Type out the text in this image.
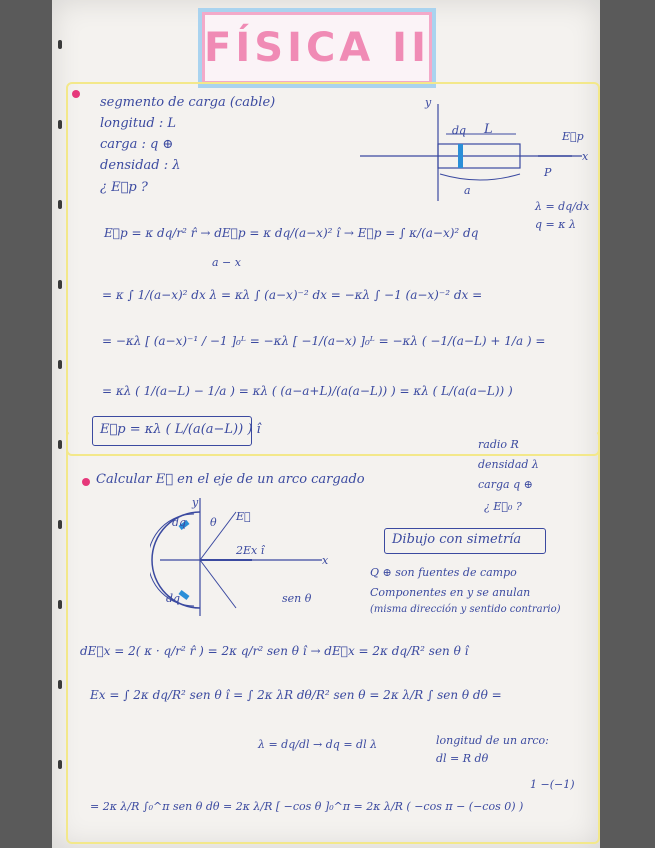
FÍSICA II
segmento de carga (cable)
longitud : L
carga : q ⊕
densidad : λ
¿ E⃗p ?
y
x
dq L
P
a
E⃗p
λ = dq/dx
q = κ λ
E⃗p = κ dq/r² r̂ → dE⃗p = κ dq/(a−x)² î → E⃗p = ∫ κ/(a−x)² dq
a − x
= κ ∫ 1/(a−x)² dx λ = κλ ∫ (a−x)⁻² dx = −κλ ∫ −1 (a−x)⁻² dx =
= −κλ [ (a−x)⁻¹ / −1 ]₀ᴸ = −κλ [ −1/(a−x) ]₀ᴸ = −κλ ( −1/(a−L) + 1/a ) =
= κλ ( 1/(a−L) − 1/a ) = κλ ( (a−a+L)/(a(a−L)) ) = κλ ( L/(a(a−L)) )
E⃗p = κλ ( L/(a(a−L)) ) î
Calcular E⃗ en el eje de un arco cargado
radio R
densidad λ
carga q ⊕
¿ E⃗₀ ?
y
x
E⃗
2Ex î
dq
dq
θ
sen θ
Dibujo con simetría
Q ⊕ son fuentes de campo
Componentes en y se anulan
(misma dirección y sentido contrario)
dE⃗x = 2( κ · q/r² r̂ ) = 2κ q/r² sen θ î → dE⃗x = 2κ dq/R² sen θ î
Ex = ∫ 2κ dq/R² sen θ î = ∫ 2κ λR dθ/R² sen θ = 2κ λ/R ∫ sen θ dθ =
λ = dq/dl → dq = dl λ	longitud de un arco:
dl = R dθ
1 −(−1)
= 2κ λ/R ∫₀^π sen θ dθ = 2κ λ/R [ −cos θ ]₀^π = 2κ λ/R ( −cos π − (−cos 0) )
